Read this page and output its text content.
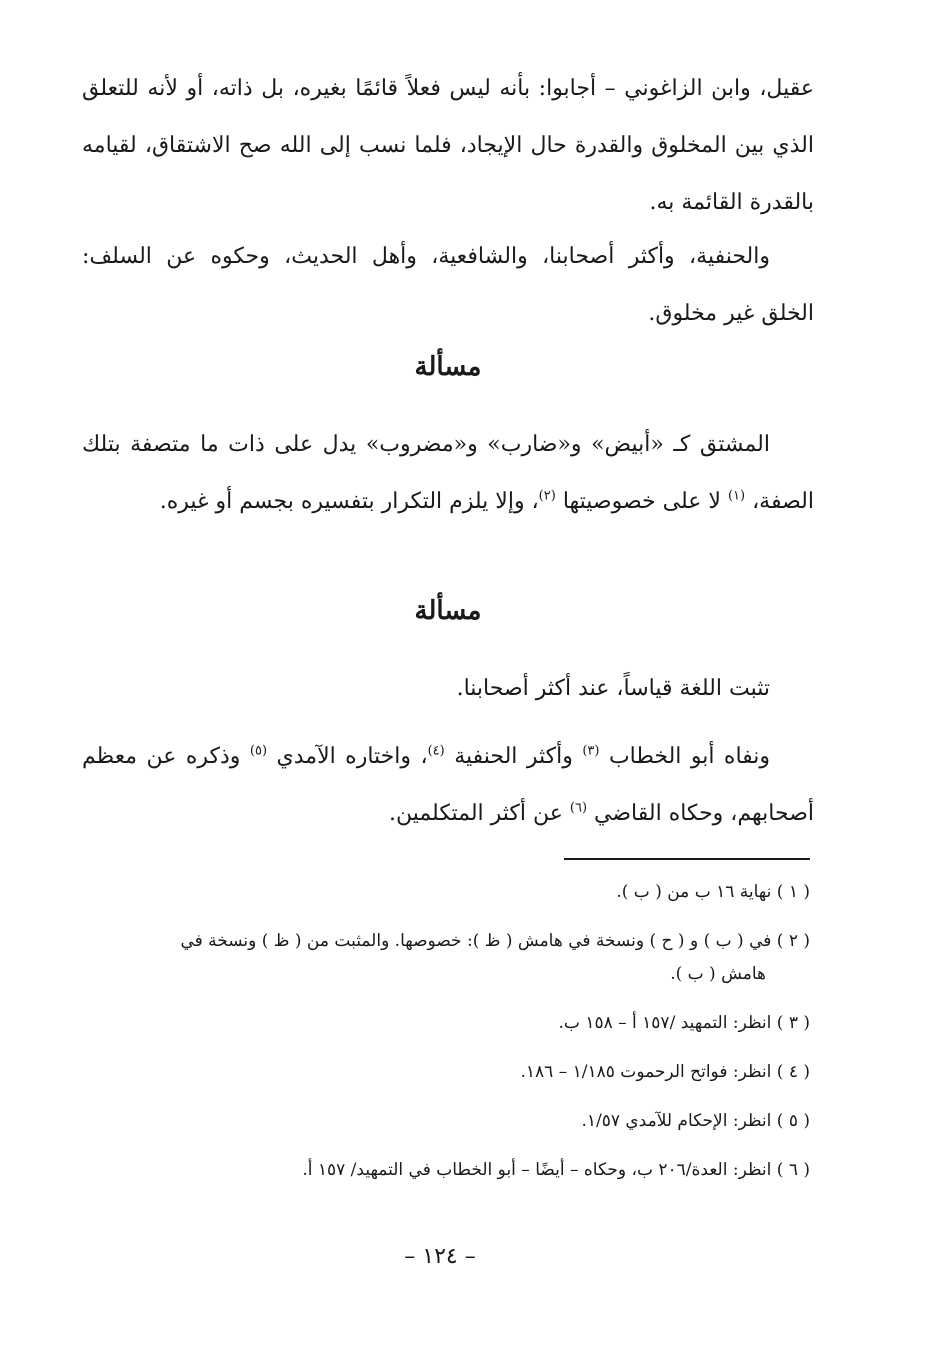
عقيل، وابن الزاغوني – أجابوا: بأنه ليس فعلاً قائمًا بغيره، بل ذاته، أو لأنه للتعلق الذي بين المخلوق والقدرة حال الإيجاد، فلما نسب إلى الله صح الاشتقاق، لقيامه بالقدرة القائمة به.

والحنفية، وأكثر أصحابنا، والشافعية، وأهل الحديث، وحكوه عن السلف: الخلق غير مخلوق.

مسألة

المشتق كـ «أبيض» و«ضارب» و«مضروب» يدل على ذات ما متصفة بتلك الصفة، $^{(١)}$ لا على خصوصيتها $^{(٢)}$، وإلا يلزم التكرار بتفسيره بجسم أو غيره.

مسألة

تثبت اللغة قياساً، عند أكثر أصحابنا.

ونفاه أبو الخطاب $^{(٣)}$ وأكثر الحنفية $^{(٤)}$، واختاره الآمدي $^{(٥)}$ وذكره عن معظم أصحابهم، وحكاه القاضي $^{(٦)}$ عن أكثر المتكلمين.

( ١ ) نهاية ١٦ ب من ( ب ).
( ٢ ) في ( ب ) و ( ح ) ونسخة في هامش ( ظ ): خصوصها. والمثبت من ( ظ ) ونسخة في
هامش ( ب ).
( ٣ ) انظر: التمهيد /١٥٧ أ – ١٥٨ ب.
( ٤ ) انظر: فواتح الرحموت ١/١٨٥ – ١٨٦.
( ٥ ) انظر: الإحكام للآمدي ١/٥٧.
( ٦ ) انظر: العدة/٢٠٦ ب، وحكاه – أيضًا – أبو الخطاب في التمهيد/ ١٥٧ أ.
– ١٢٤ –
